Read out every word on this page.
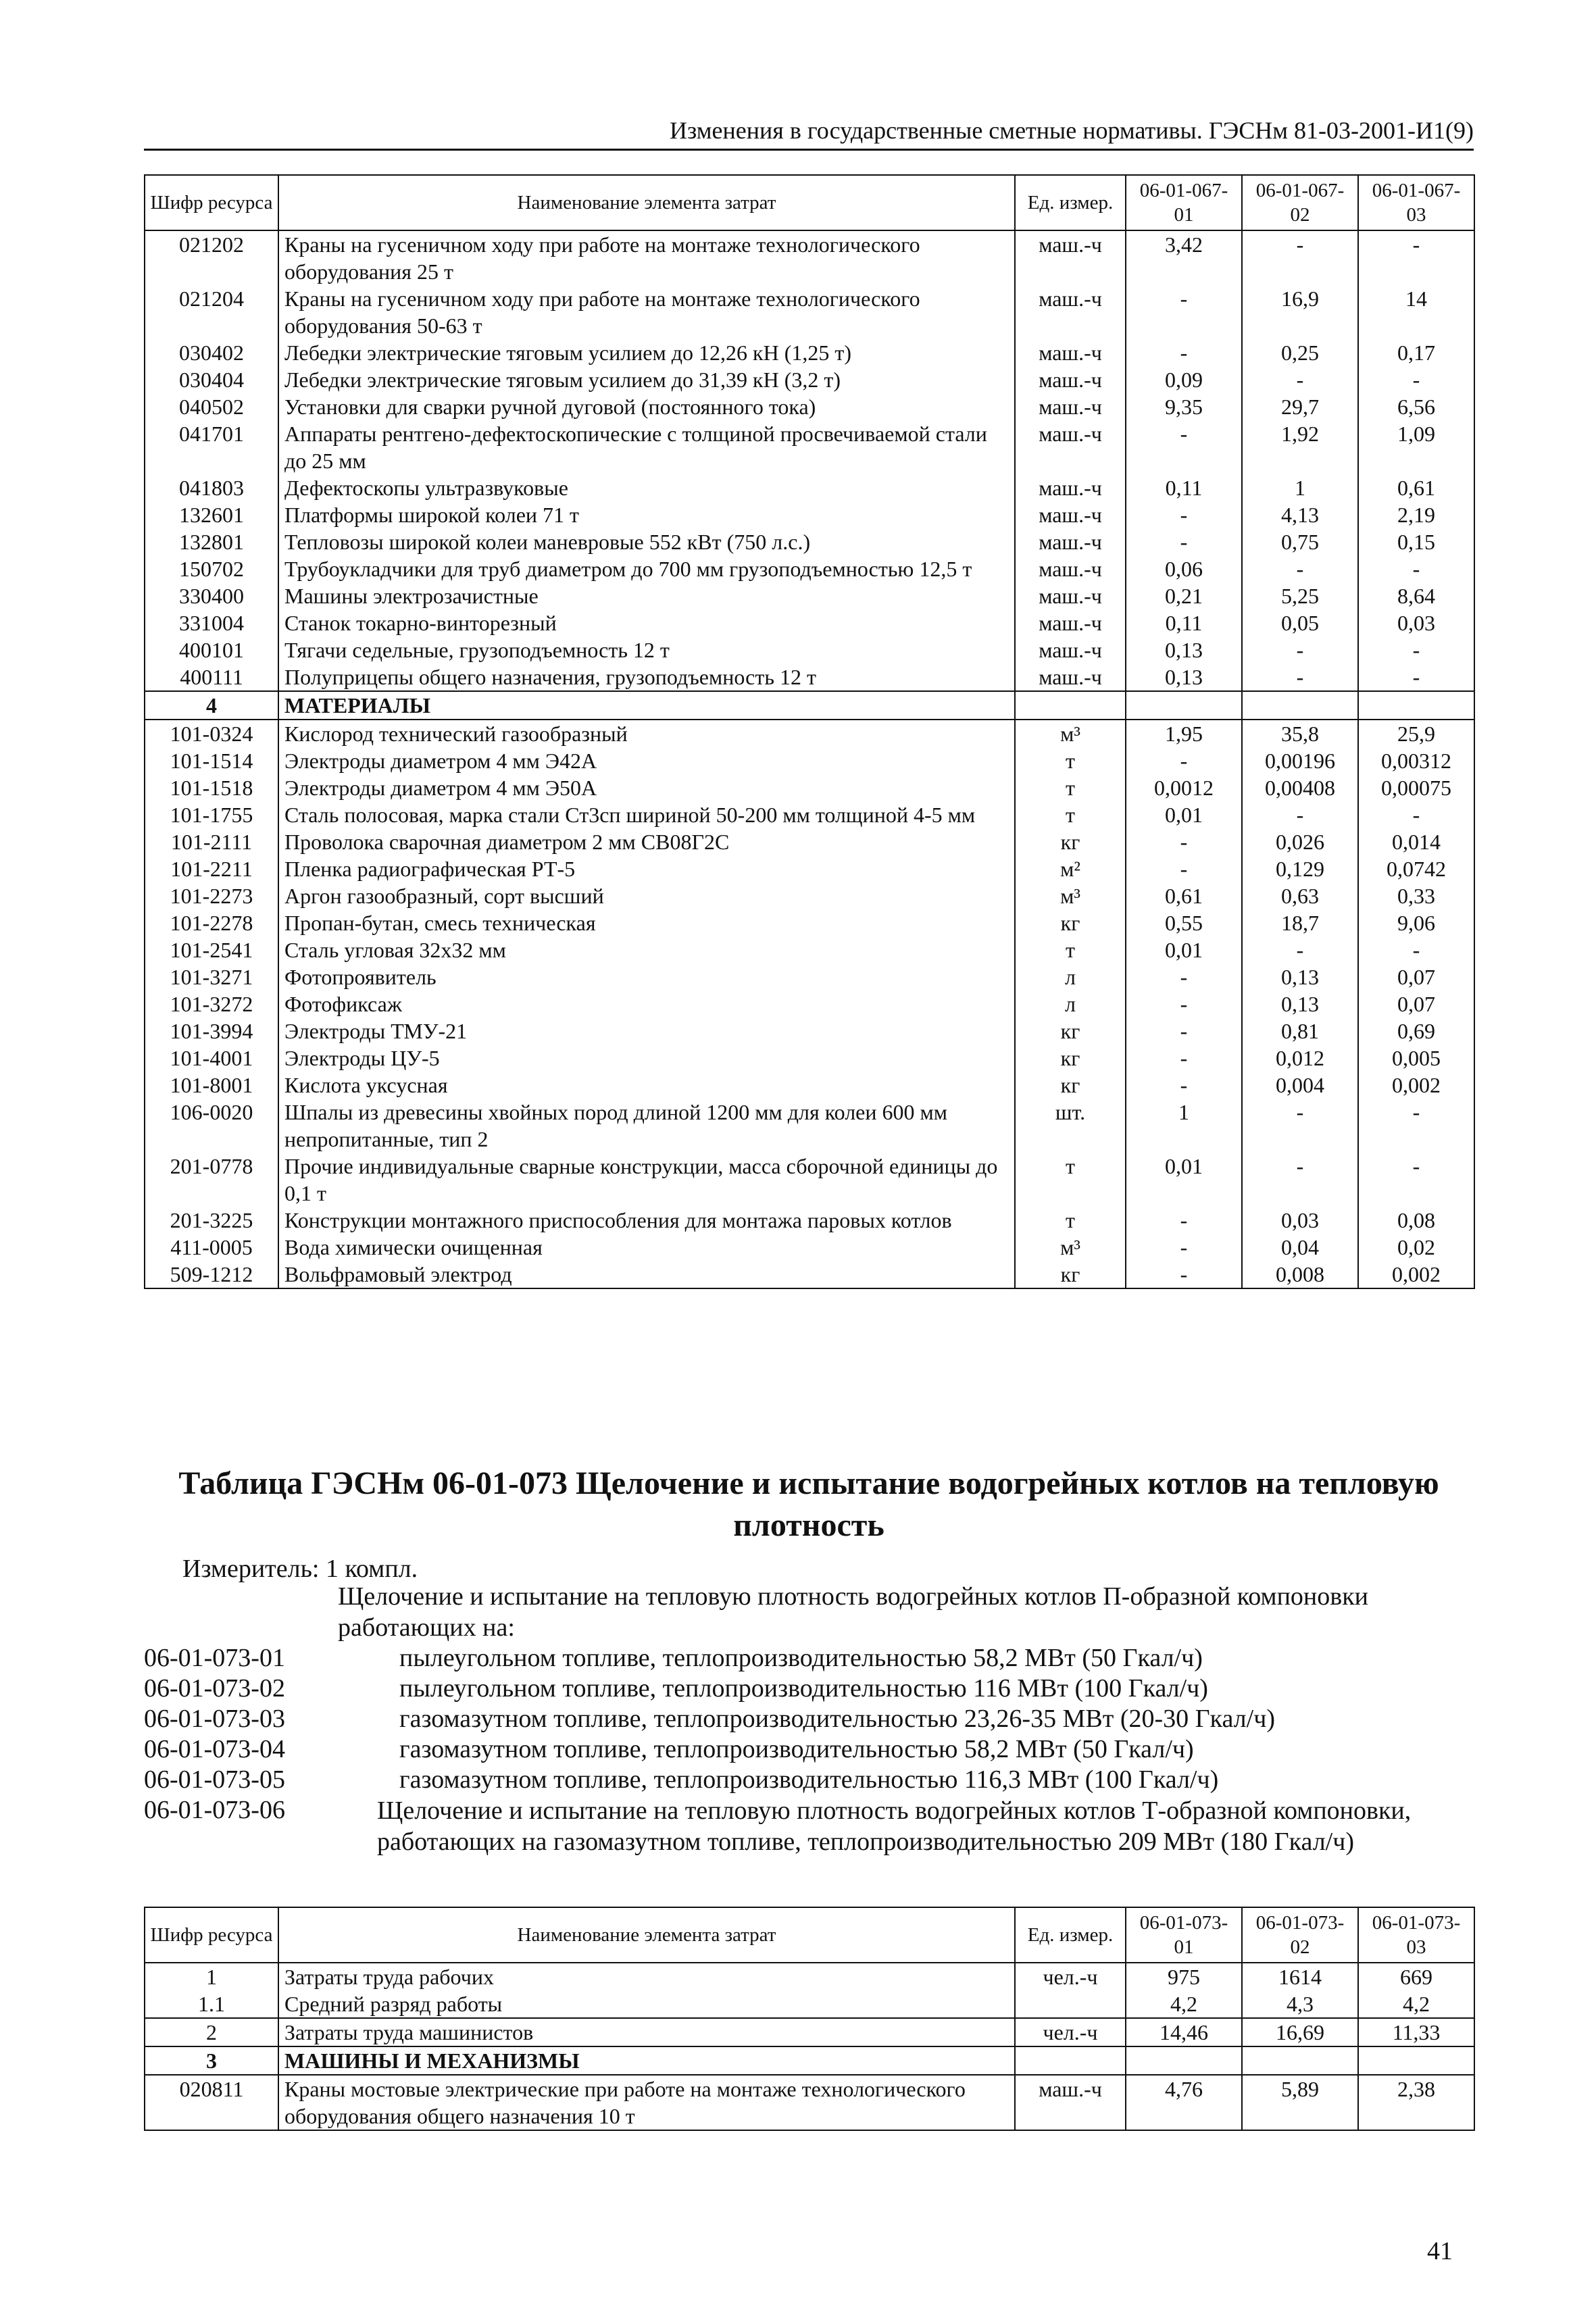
Изменения в государственные сметные нормативы. ГЭСНм 81-03-2001-И1(9)
Шифр ресурса	Наименование элемента затрат	Ед. измер.	06-01-067-01	06-01-067-02	06-01-067-03
021202	Краны на гусеничном ходу при работе на монтаже технологического оборудования 25 т	маш.-ч	3,42	-	-
021204	Краны на гусеничном ходу при работе на монтаже технологического оборудования 50-63 т	маш.-ч	-	16,9	14
030402	Лебедки электрические тяговым усилием до 12,26 кН (1,25 т)	маш.-ч	-	0,25	0,17
030404	Лебедки электрические тяговым усилием до 31,39 кН (3,2 т)	маш.-ч	0,09	-	-
040502	Установки для сварки ручной дуговой (постоянного тока)	маш.-ч	9,35	29,7	6,56
041701	Аппараты рентгено-дефектоскопические с толщиной просвечиваемой стали до 25 мм	маш.-ч	-	1,92	1,09
041803	Дефектоскопы ультразвуковые	маш.-ч	0,11	1	0,61
132601	Платформы широкой колеи 71 т	маш.-ч	-	4,13	2,19
132801	Тепловозы широкой колеи маневровые 552 кВт (750 л.с.)	маш.-ч	-	0,75	0,15
150702	Трубоукладчики для труб диаметром до 700 мм грузоподъемностью 12,5 т	маш.-ч	0,06	-	-
330400	Машины электрозачистные	маш.-ч	0,21	5,25	8,64
331004	Станок токарно-винторезный	маш.-ч	0,11	0,05	0,03
400101	Тягачи седельные, грузоподъемность 12 т	маш.-ч	0,13	-	-
400111	Полуприцепы общего назначения, грузоподъемность 12 т	маш.-ч	0,13	-	-
4	МАТЕРИАЛЫ				
101-0324	Кислород технический газообразный	м³	1,95	35,8	25,9
101-1514	Электроды диаметром 4 мм Э42А	т	-	0,00196	0,00312
101-1518	Электроды диаметром 4 мм Э50А	т	0,0012	0,00408	0,00075
101-1755	Сталь полосовая, марка стали Ст3сп шириной 50-200 мм толщиной 4-5 мм	т	0,01	-	-
101-2111	Проволока сварочная диаметром 2 мм СВ08Г2С	кг	-	0,026	0,014
101-2211	Пленка радиографическая РТ-5	м²	-	0,129	0,0742
101-2273	Аргон газообразный, сорт высший	м³	0,61	0,63	0,33
101-2278	Пропан-бутан, смесь техническая	кг	0,55	18,7	9,06
101-2541	Сталь угловая 32х32 мм	т	0,01	-	-
101-3271	Фотопроявитель	л	-	0,13	0,07
101-3272	Фотофиксаж	л	-	0,13	0,07
101-3994	Электроды ТМУ-21	кг	-	0,81	0,69
101-4001	Электроды ЦУ-5	кг	-	0,012	0,005
101-8001	Кислота уксусная	кг	-	0,004	0,002
106-0020	Шпалы из древесины хвойных пород длиной 1200 мм для колеи 600 мм непропитанные, тип 2	шт.	1	-	-
201-0778	Прочие индивидуальные сварные конструкции, масса сборочной единицы до 0,1 т	т	0,01	-	-
201-3225	Конструкции монтажного приспособления для монтажа паровых котлов	т	-	0,03	0,08
411-0005	Вода химически очищенная	м³	-	0,04	0,02
509-1212	Вольфрамовый электрод	кг	-	0,008	0,002
Таблица ГЭСНм 06-01-073 Щелочение и испытание водогрейных котлов на тепловую плотность
Измеритель: 1 компл.
Щелочение и испытание на тепловую плотность водогрейных котлов П-образной компоновки работающих на:
06-01-073-01	пылеугольном топливе, теплопроизводительностью 58,2 МВт (50 Гкал/ч)
06-01-073-02	пылеугольном топливе, теплопроизводительностью 116 МВт (100 Гкал/ч)
06-01-073-03	газомазутном топливе, теплопроизводительностью 23,26-35 МВт (20-30 Гкал/ч)
06-01-073-04	газомазутном топливе, теплопроизводительностью 58,2 МВт (50 Гкал/ч)
06-01-073-05	газомазутном топливе, теплопроизводительностью 116,3 МВт (100 Гкал/ч)
06-01-073-06	Щелочение и испытание на тепловую плотность водогрейных котлов Т-образной компоновки, работающих на газомазутном топливе, теплопроизводительностью 209 МВт (180 Гкал/ч)
Шифр ресурса	Наименование элемента затрат	Ед. измер.	06-01-073-01	06-01-073-02	06-01-073-03
1	Затраты труда рабочих	чел.-ч	975	1614	669
1.1	Средний разряд работы		4,2	4,3	4,2
2	Затраты труда машинистов	чел.-ч	14,46	16,69	11,33
3	МАШИНЫ И МЕХАНИЗМЫ				
020811	Краны мостовые электрические при работе на монтаже технологического оборудования общего назначения 10 т	маш.-ч	4,76	5,89	2,38
41
